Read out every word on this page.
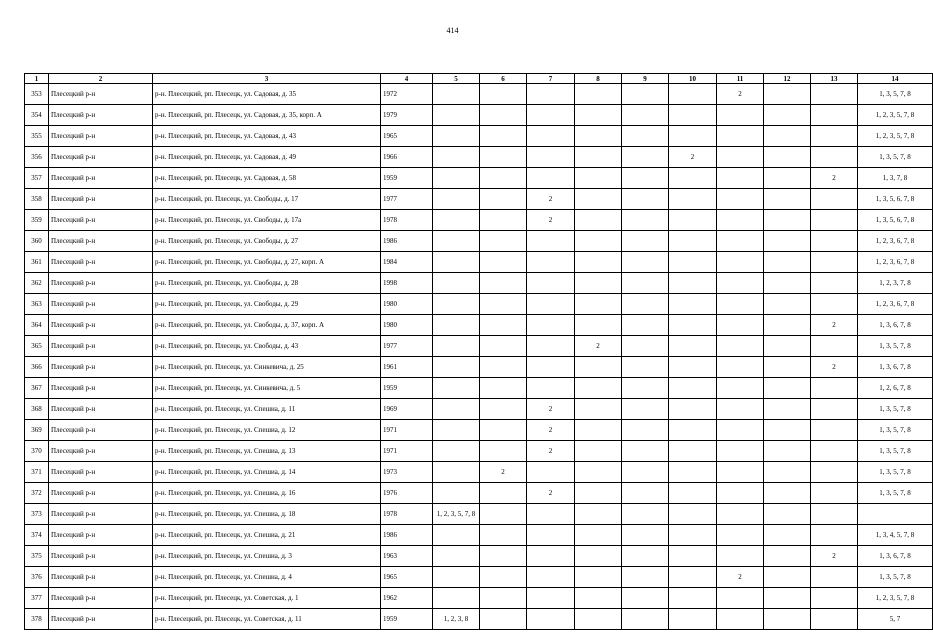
414
1	2	3	4	5	6	7	8	9	10	11	12	13	14
353	Плесецкий р-н	р-н. Плесецкий, рп. Плесецк, ул. Садовая, д. 35	1972							2			1, 3, 5, 7, 8
354	Плесецкий р-н	р-н. Плесецкий, рп. Плесецк, ул. Садовая, д. 35, корп. А	1979										1, 2, 3, 5, 7, 8
355	Плесецкий р-н	р-н. Плесецкий, рп. Плесецк, ул. Садовая, д. 43	1965										1, 2, 3, 5, 7, 8
356	Плесецкий р-н	р-н. Плесецкий, рп. Плесецк, ул. Садовая, д. 49	1966						2				1, 3, 5, 7, 8
357	Плесецкий р-н	р-н. Плесецкий, рп. Плесецк, ул. Садовая, д. 58	1959									2	1, 3, 7, 8
358	Плесецкий р-н	р-н. Плесецкий, рп. Плесецк, ул. Свободы, д. 17	1977			2							1, 3, 5, 6, 7, 8
359	Плесецкий р-н	р-н. Плесецкий, рп. Плесецк, ул. Свободы, д. 17а	1978			2							1, 3, 5, 6, 7, 8
360	Плесецкий р-н	р-н. Плесецкий, рп. Плесецк, ул. Свободы, д. 27	1986										1, 2, 3, 6, 7, 8
361	Плесецкий р-н	р-н. Плесецкий, рп. Плесецк, ул. Свободы, д. 27, корп. А	1984										1, 2, 3, 6, 7, 8
362	Плесецкий р-н	р-н. Плесецкий, рп. Плесецк, ул. Свободы, д. 28	1998										1, 2, 3, 7, 8
363	Плесецкий р-н	р-н. Плесецкий, рп. Плесецк, ул. Свободы, д. 29	1980										1, 2, 3, 6, 7, 8
364	Плесецкий р-н	р-н. Плесецкий, рп. Плесецк, ул. Свободы, д. 37, корп. А	1980									2	1, 3, 6, 7, 8
365	Плесецкий р-н	р-н. Плесецкий, рп. Плесецк, ул. Свободы, д. 43	1977				2						1, 3, 5, 7, 8
366	Плесецкий р-н	р-н. Плесецкий, рп. Плесецк, ул. Синкевича, д. 25	1961									2	1, 3, 6, 7, 8
367	Плесецкий р-н	р-н. Плесецкий, рп. Плесецк, ул. Синкевича, д. 5	1959										1, 2, 6, 7, 8
368	Плесецкий р-н	р-н. Плесецкий, рп. Плесецк, ул. Спешиа, д. 11	1969			2							1, 3, 5, 7, 8
369	Плесецкий р-н	р-н. Плесецкий, рп. Плесецк, ул. Спешиа, д. 12	1971			2							1, 3, 5, 7, 8
370	Плесецкий р-н	р-н. Плесецкий, рп. Плесецк, ул. Спешиа, д. 13	1971			2							1, 3, 5, 7, 8
371	Плесецкий р-н	р-н. Плесецкий, рп. Плесецк, ул. Спешиа, д. 14	1973		2								1, 3, 5, 7, 8
372	Плесецкий р-н	р-н. Плесецкий, рп. Плесецк, ул. Спешиа, д. 16	1976			2							1, 3, 5, 7, 8
373	Плесецкий р-н	р-н. Плесецкий, рп. Плесецк, ул. Спешиа, д. 18	1978	1, 2, 3, 5, 7, 8									
374	Плесецкий р-н	р-н. Плесецкий, рп. Плесецк, ул. Спешиа, д. 21	1986										1, 3, 4, 5, 7, 8
375	Плесецкий р-н	р-н. Плесецкий, рп. Плесецк, ул. Спешиа, д. 3	1963									2	1, 3, 6, 7, 8
376	Плесецкий р-н	р-н. Плесецкий, рп. Плесецк, ул. Спешиа, д. 4	1965							2			1, 3, 5, 7, 8
377	Плесецкий р-н	р-н. Плесецкий, рп. Плесецк, ул. Советская, д. 1	1962										1, 2, 3, 5, 7, 8
378	Плесецкий р-н	р-н. Плесецкий, рп. Плесецк, ул. Советская, д. 11	1959	1, 2, 3, 8									5, 7
